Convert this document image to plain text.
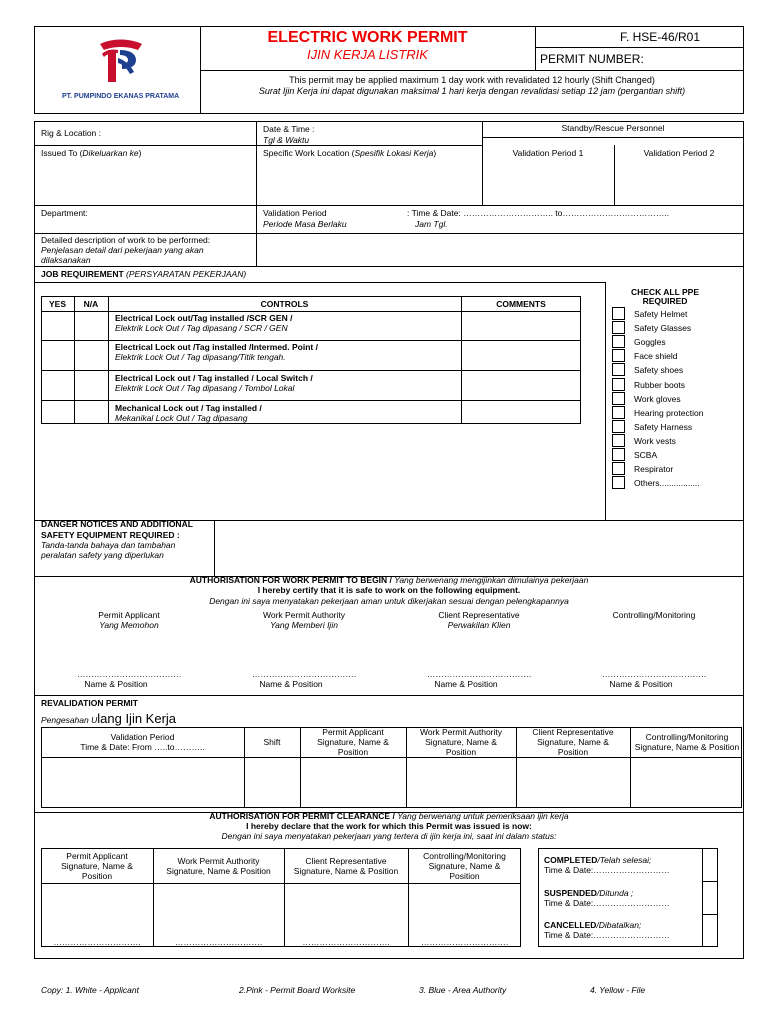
PT. PUMPINDO EKANAS PRATAMA
ELECTRIC WORK PERMIT
IJIN KERJA LISTRIK
F. HSE-46/R01
PERMIT NUMBER:
This permit may be applied maximum 1 day work with revalidated 12 hourly (Shift Changed)
Surat Ijin Kerja ini dapat digunakan maksimal 1 hari kerja dengan revalidasi setiap 12 jam (pergantian shift)
Rig & Location :	Date & Time :
Tgl & Waktu
Standby/Rescue Personnel
Issued To (Dikeluarkan ke)	Specific Work Location (Spesifik Lokasi Kerja)	Validation Period 1	Validation Period 2
Department:	Validation Period	: Time & Date: ………………………….. to………………………………..
Periode Masa Berlaku	Jam Tgl.
Detailed description of work to be performed:
Penjelasan detail dari pekerjaan yang akan
dilaksanakan
JOB REQUIREMENT (PERSYARATAN PEKERJAAN)
YES	N/A	CONTROLS	COMMENTS
Electrical Lock out/Tag installed /SCR GEN /
Elektrik Lock Out / Tag dipasang / SCR / GEN
Electrical Lock out /Tag installed /Intermed. Point /
Elektrik Lock Out / Tag dipasang/Titik tengah.
Electrical Lock out / Tag installed / Local Switch /
Elektrik Lock Out / Tag dipasang / Tombol Lokal
Mechanical Lock out / Tag installed /
Mekanikal Lock Out / Tag dipasang
CHECK ALL PPE
REQUIRED
Safety Helmet
Safety Glasses
Goggles
Face shield
Safety shoes
Rubber boots
Work gloves
Hearing protection
Safety Harness
Work vests
SCBA
Respirator
Others.................
DANGER NOTICES AND ADDITIONAL
SAFETY EQUIPMENT REQUIRED :
Tanda-tanda bahaya dan tambahan
peralatan safety yang diperlukan
AUTHORISATION FOR WORK PERMIT TO BEGIN / Yang berwenang mengijinkan dimulainya pekerjaan
I hereby certify that it is safe to work on the following equipment.
Dengan ini saya menyatakan pekerjaan aman untuk dikerjakan sesuai dengan pelengkapannya
Permit Applicant
Yang Memohon
Work Permit Authority
Yang Memberi Ijin
Client Representative
Perwakilan Klien
Controlling/Monitoring
……………………………….	……………………………….	……………………………….	……………………………….
Name & Position	Name & Position	Name & Position	Name & Position
REVALIDATION PERMIT
Pengesahan Ulang Ijin Kerja
Validation Period
Time & Date: From …..to………..	Shift
Permit Applicant Signature, Name & Position
Work Permit Authority Signature, Name & Position
Client Representative Signature, Name & Position
Controlling/Monitoring Signature, Name & Position
AUTHORISATION FOR PERMIT CLEARANCE / Yang berwenang untuk pemeriksaan ijin kerja
I hereby declare that the work for which this Permit was issued is now:
Dengan ini saya menyatakan pekerjaan yang tertera di ijin kerja ini, saat ini dalam status:
Permit Applicant Signature, Name & Position
Work Permit Authority Signature, Name & Position
Client Representative Signature, Name & Position
Controlling/Monitoring Signature, Name & Position
………………………….	………………………….	………………………….	………………………….
COMPLETED/Telah selesai;
Time & Date:………………………
SUSPENDED/Ditunda ;
Time & Date:………………………
CANCELLED/Dibatalkan;
Time & Date:………………………
Copy: 1. White - Applicant	2.Pink - Permit Board Worksite	3. Blue - Area Authority	4. Yellow - File
